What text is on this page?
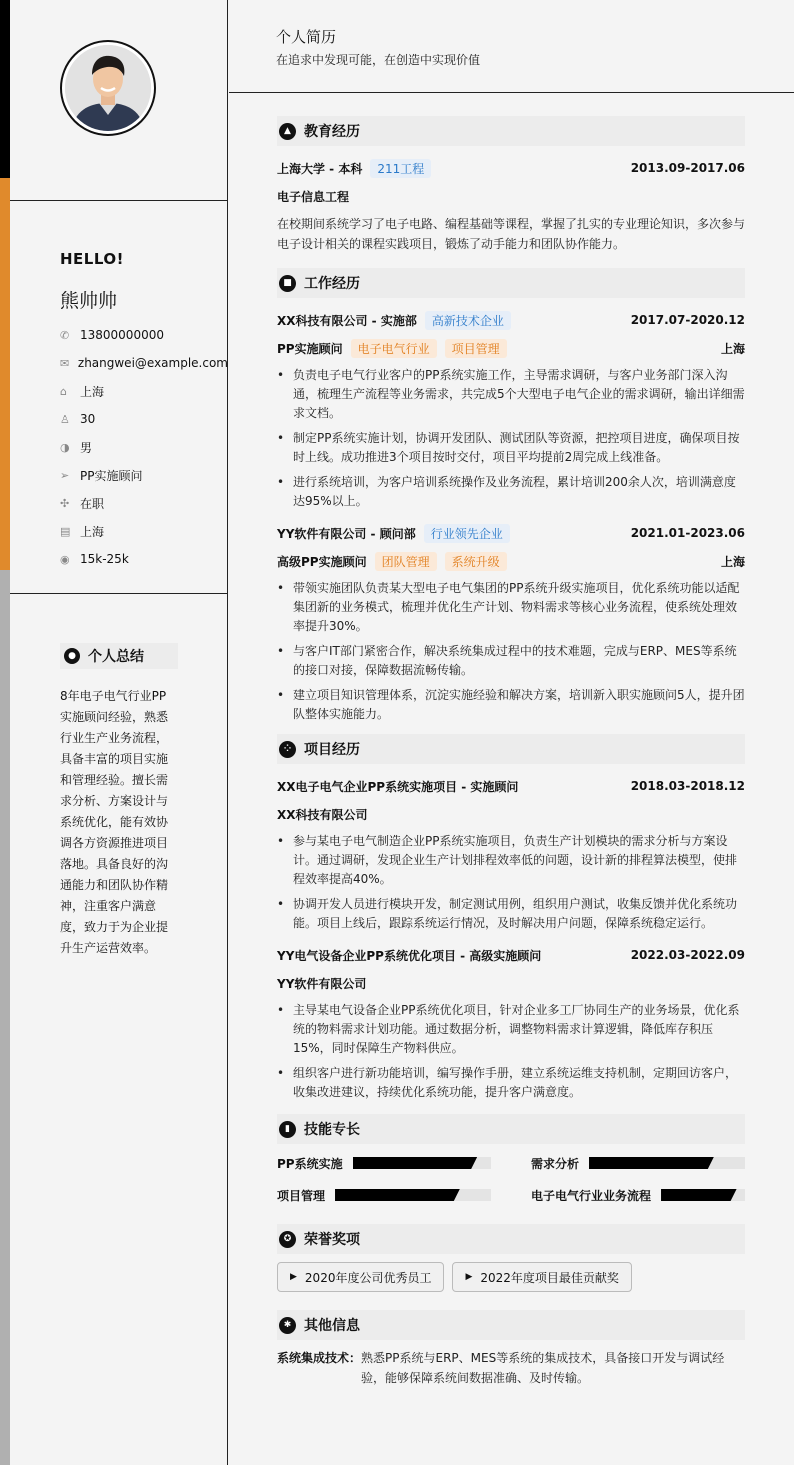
HELLO!
熊帅帅
✆ 13800000000
✉ zhangwei@example.com
⌂	上海
♙ 30
◑ 男
➢ PP实施顾问
✣ 在职
▤ 上海
◉ 15k-25k
● 个人总结
8年电子电气行业PP实施顾问经验，熟悉行业生产业务流程，具备丰富的项目实施和管理经验。擅长需求分析、方案设计与系统优化，能有效协调各方资源推进项目落地。具备良好的沟通能力和团队协作精神，注重客户满意度，致力于为企业提升生产运营效率。
个人简历
在追求中发现可能，在创造中实现价值
▲ 教育经历
上海大学 - 本科 211工程	2013.09-2017.06
电子信息工程
在校期间系统学习了电子电路、编程基础等课程，掌握了扎实的专业理论知识，多次参与电子设计相关的课程实践项目，锻炼了动手能力和团队协作能力。
■ 工作经历
XX科技有限公司 - 实施部 高新技术企业	2017.07-2020.12
PP实施顾问 电子电气行业 项目管理	上海
• 负责电子电气行业客户的PP系统实施工作，主导需求调研，与客户业务部门深入沟通，梳理生产流程等业务需求，共完成5个大型电子电气企业的需求调研，输出详细需求文档。
• 制定PP系统实施计划，协调开发团队、测试团队等资源，把控项目进度，确保项目按时上线。成功推进3个项目按时交付，项目平均提前2周完成上线准备。
• 进行系统培训，为客户培训系统操作及业务流程，累计培训200余人次，培训满意度达95%以上。
YY软件有限公司 - 顾问部 行业领先企业	2021.01-2023.06
高级PP实施顾问 团队管理 系统升级	上海
• 带领实施团队负责某大型电子电气集团的PP系统升级实施项目，优化系统功能以适配集团新的业务模式，梳理并优化生产计划、物料需求等核心业务流程，使系统处理效率提升30%。
• 与客户IT部门紧密合作，解决系统集成过程中的技术难题，完成与ERP、MES等系统的接口对接，保障数据流畅传输。
• 建立项目知识管理体系，沉淀实施经验和解决方案，培训新入职实施顾问5人，提升团队整体实施能力。
⁘ 项目经历
XX电子电气企业PP系统实施项目 - 实施顾问	2018.03-2018.12
XX科技有限公司
• 参与某电子电气制造企业PP系统实施项目，负责生产计划模块的需求分析与方案设计。通过调研，发现企业生产计划排程效率低的问题，设计新的排程算法模型，使排程效率提高40%。
• 协调开发人员进行模块开发，制定测试用例，组织用户测试，收集反馈并优化系统功能。项目上线后，跟踪系统运行情况，及时解决用户问题，保障系统稳定运行。
YY电气设备企业PP系统优化项目 - 高级实施顾问	2022.03-2022.09
YY软件有限公司
• 主导某电气设备企业PP系统优化项目，针对企业多工厂协同生产的业务场景，优化系统的物料需求计划功能。通过数据分析，调整物料需求计算逻辑，降低库存积压15%，同时保障生产物料供应。
• 组织客户进行新功能培训，编写操作手册，建立系统运维支持机制，定期回访客户，收集改进建议，持续优化系统功能，提升客户满意度。
▮	技能专长
PP系统实施	需求分析
项目管理	电子电气行业业务流程
✪ 荣誉奖项
▶ 2020年度公司优秀员工	▶ 2022年度项目最佳贡献奖
✱ 其他信息
系统集成技术： 熟悉PP系统与ERP、MES等系统的集成技术，具备接口开发与调试经验，能够保障系统间数据准确、及时传输。
